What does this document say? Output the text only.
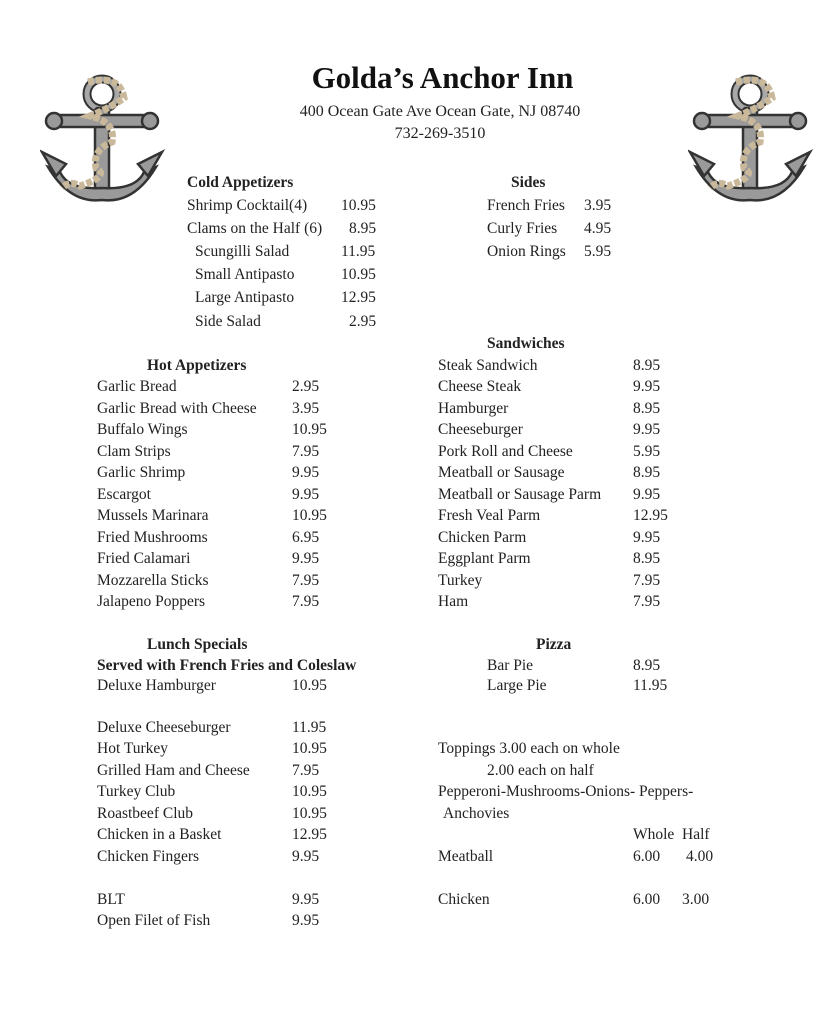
Golda’s Anchor Inn
400 Ocean Gate Ave Ocean Gate, NJ 08740
732-269-3510
Cold Appetizers
Shrimp Cocktail(4) 10.95
Clams on the Half (6) 8.95
Scungilli Salad	11.95
Small Antipasto	10.95
Large Antipasto	12.95
Side Salad	2.95
Sides
French Fries 3.95
Curly Fries 4.95
Onion Rings 5.95
Sandwiches
Hot Appetizers
Garlic Bread	2.95
Garlic Bread with Cheese 3.95
Buffalo Wings	10.95
Clam Strips	7.95
Garlic Shrimp	9.95
Escargot	9.95
Mussels Marinara	10.95
Fried Mushrooms	6.95
Fried Calamari	9.95
Mozzarella Sticks	7.95
Jalapeno Poppers	7.95
Steak Sandwich	8.95
Cheese Steak	9.95
Hamburger	8.95
Cheeseburger	9.95
Pork Roll and Cheese	5.95
Meatball or Sausage	8.95
Meatball or Sausage Parm 9.95
Fresh Veal Parm	12.95
Chicken Parm	9.95
Eggplant Parm	8.95
Turkey	7.95
Ham	7.95
Lunch Specials
Served with French Fries and Coleslaw
Deluxe Hamburger	10.95
Deluxe Cheeseburger	11.95
Hot Turkey	10.95
Grilled Ham and Cheese	7.95
Turkey Club	10.95
Roastbeef Club	10.95
Chicken in a Basket	12.95
Chicken Fingers	9.95
BLT	9.95
Open Filet of Fish	9.95
Pizza
Bar Pie	8.95
Large Pie	11.95
Toppings 3.00 each on whole
2.00 each on half
Pepperoni-Mushrooms-Onions- Peppers-
Anchovies
Whole Half
Meatball	6.00 4.00
Chicken	6.00 3.00
